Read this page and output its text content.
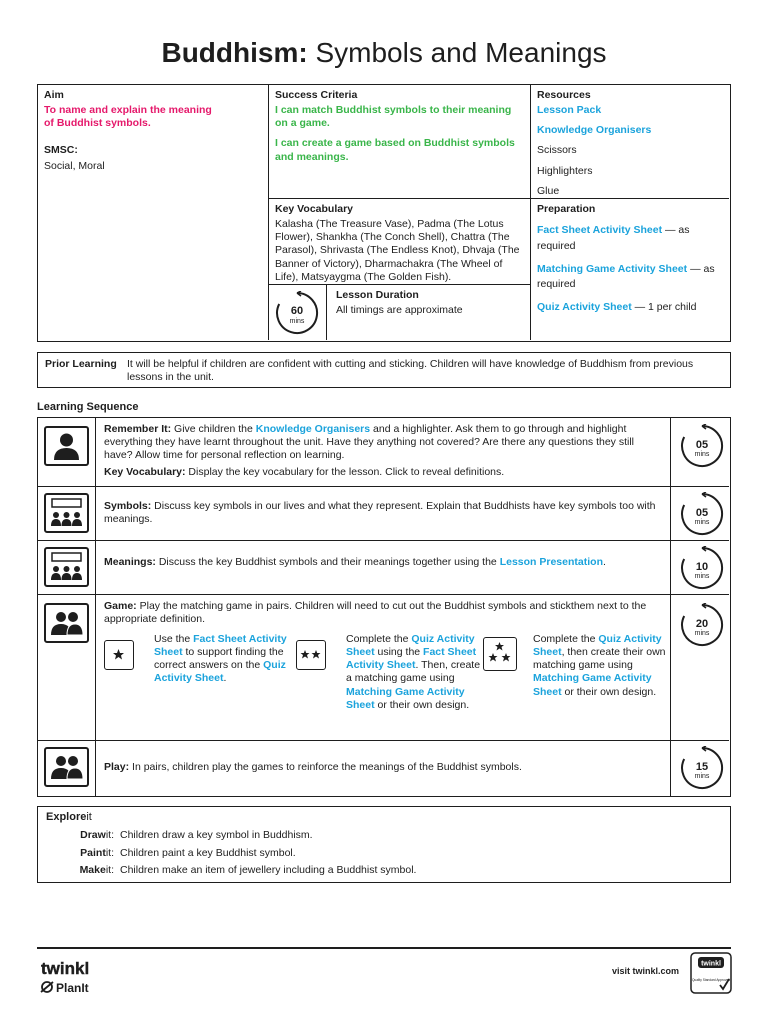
Buddhism: Symbols and Meanings
Aim
To name and explain the meaning of Buddhist symbols.
SMSC:
Social, Moral
Success Criteria
I can match Buddhist symbols to their meaning on a game.
I can create a game based on Buddhist symbols and meanings.
Key Vocabulary
Kalasha (The Treasure Vase), Padma (The Lotus Flower), Shankha (The Conch Shell), Chattra (The Parasol), Shrivasta (The Endless Knot), Dhvaja (The Banner of Victory), Dharmachakra (The Wheel of Life), Matsyaygma (The Golden Fish).
60
mins
Lesson Duration
All timings are approximate
Resources
Lesson Pack
Knowledge Organisers
Scissors
Highlighters
Glue
Preparation
Fact Sheet Activity Sheet — as required
Matching Game Activity Sheet — as required
Quiz Activity Sheet — 1 per child
Prior Learning It will be helpful if children are confident with cutting and sticking. Children will have knowledge of Buddhism from previous lessons in the unit.
Learning Sequence
Remember It: Give children the Knowledge Organisers and a highlighter. Ask them to go through and highlight everything they have learnt throughout the unit. Have they anything not covered? Are there any questions they still have? Allow time for personal reflection on learning.
Key Vocabulary: Display the key vocabulary for the lesson. Click to reveal definitions.
05
mins
Symbols: Discuss key symbols in our lives and what they represent. Explain that Buddhists have key symbols too with meanings.
05
mins
Meanings: Discuss the key Buddhist symbols and their meanings together using the Lesson Presentation.	10
mins
Game: Play the matching game in pairs. Children will need to cut out the Buddhist symbols and stickthem next to the appropriate definition.
Use the Fact Sheet Activity Sheet to support finding the correct answers on the Quiz Activity Sheet.
Complete the Quiz Activity Sheet using the Fact Sheet Activity Sheet. Then, create a matching game using Matching Game Activity Sheet or their own design.
Complete the Quiz Activity Sheet, then create their own matching game using Matching Game Activity Sheet or their own design.
20
mins
Play: In pairs, children play the games to reinforce the meanings of the Buddhist symbols.	15
mins
Exploreit
Drawit: Children draw a key symbol in Buddhism.
Paintit: Children paint a key Buddhist symbol.
Makeit: Children make an item of jewellery including a Buddhist symbol.
twinkl
PlanIt
visit twinkl.com
twinkl
Quality Standard Approved
